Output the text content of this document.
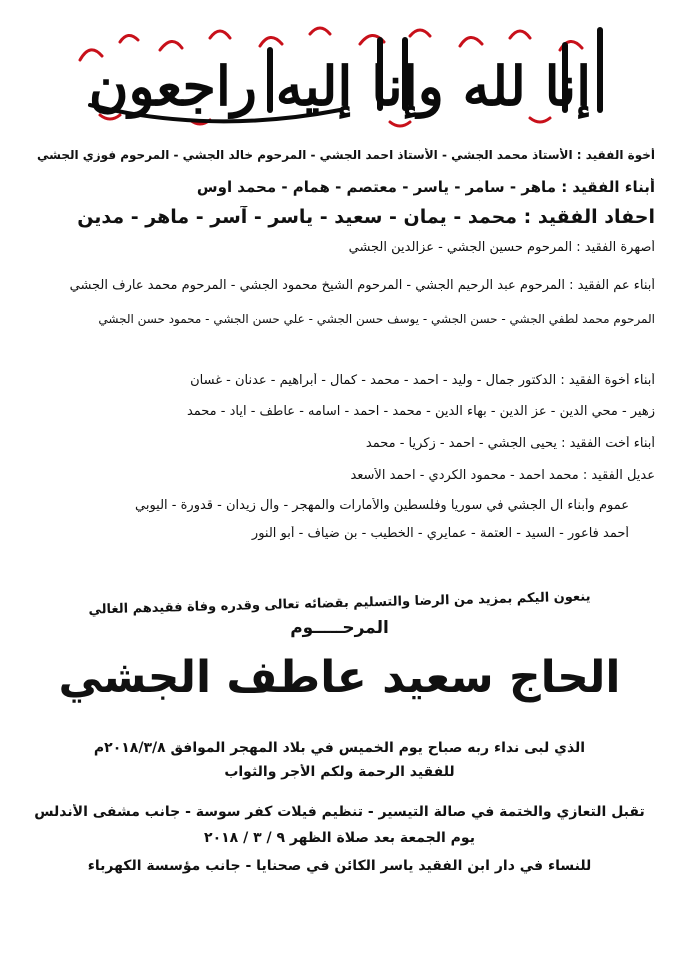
إنا لله وإنا إليه راجعون
أخوة الفقيد : الأستاذ محمد الجشي - الأستاذ احمد الجشي - المرحوم خالد الجشي - المرحوم فوزي الجشي
أبناء الفقيد : ماهر - سامر - ياسر - معتصم - همام - محمد اوس
احفاد الفقيد : محمد - يمان - سعيد - ياسر - آسر - ماهر - مدين
أصهرة الفقيد : المرحوم حسين الجشي - عزالدين الجشي
أبناء عم الفقيد : المرحوم عبد الرحيم الجشي - المرحوم الشيخ محمود الجشي - المرحوم محمد عارف الجشي
المرحوم محمد لطفي الجشي - حسن الجشي - يوسف حسن الجشي - علي حسن الجشي - محمود حسن الجشي
أبناء أخوة الفقيد : الدكتور جمال - وليد - احمد - محمد - كمال - أبراهيم - عدنان - غسان
زهير - محي الدين - عز الدين - بهاء الدين - محمد - احمد - اسامه - عاطف - اياد - محمد
أبناء أخت الفقيد : يحيى الجشي - احمد - زكريا - محمد
عديل الفقيد : محمد احمد - محمود الكردي - احمد الأسعد
عموم وأبناء آل الجشي في سوريا وفلسطين والأمارات والمهجر - وآل زيدان - قدورة - اليوبي
أحمد فاعور - السيد - العتمة - عمايري - الخطيب - بن ضياف - أبو النور
ينعون اليكم بمزيد من الرضا والتسليم بقضائه تعالى وقدره وفاة فقيدهم الغالي
المرحـــــوم
الحاج سعيد عاطف الجشي
الذي لبى نداء ربه صباح يوم الخميس في بلاد المهجر الموافق ٢٠١٨/٣/٨م
للفقيد الرحمة ولكم الأجر والثواب
تقبل التعازي والختمة في صالة التيسير - تنظيم فيلات كفر سوسة - جانب مشفى الأندلس
يوم الجمعة بعد صلاة الظهر ٩ / ٣ / ٢٠١٨
للنساء في دار ابن الفقيد ياسر الكائن في صحنايا - جانب مؤسسة الكهرباء
